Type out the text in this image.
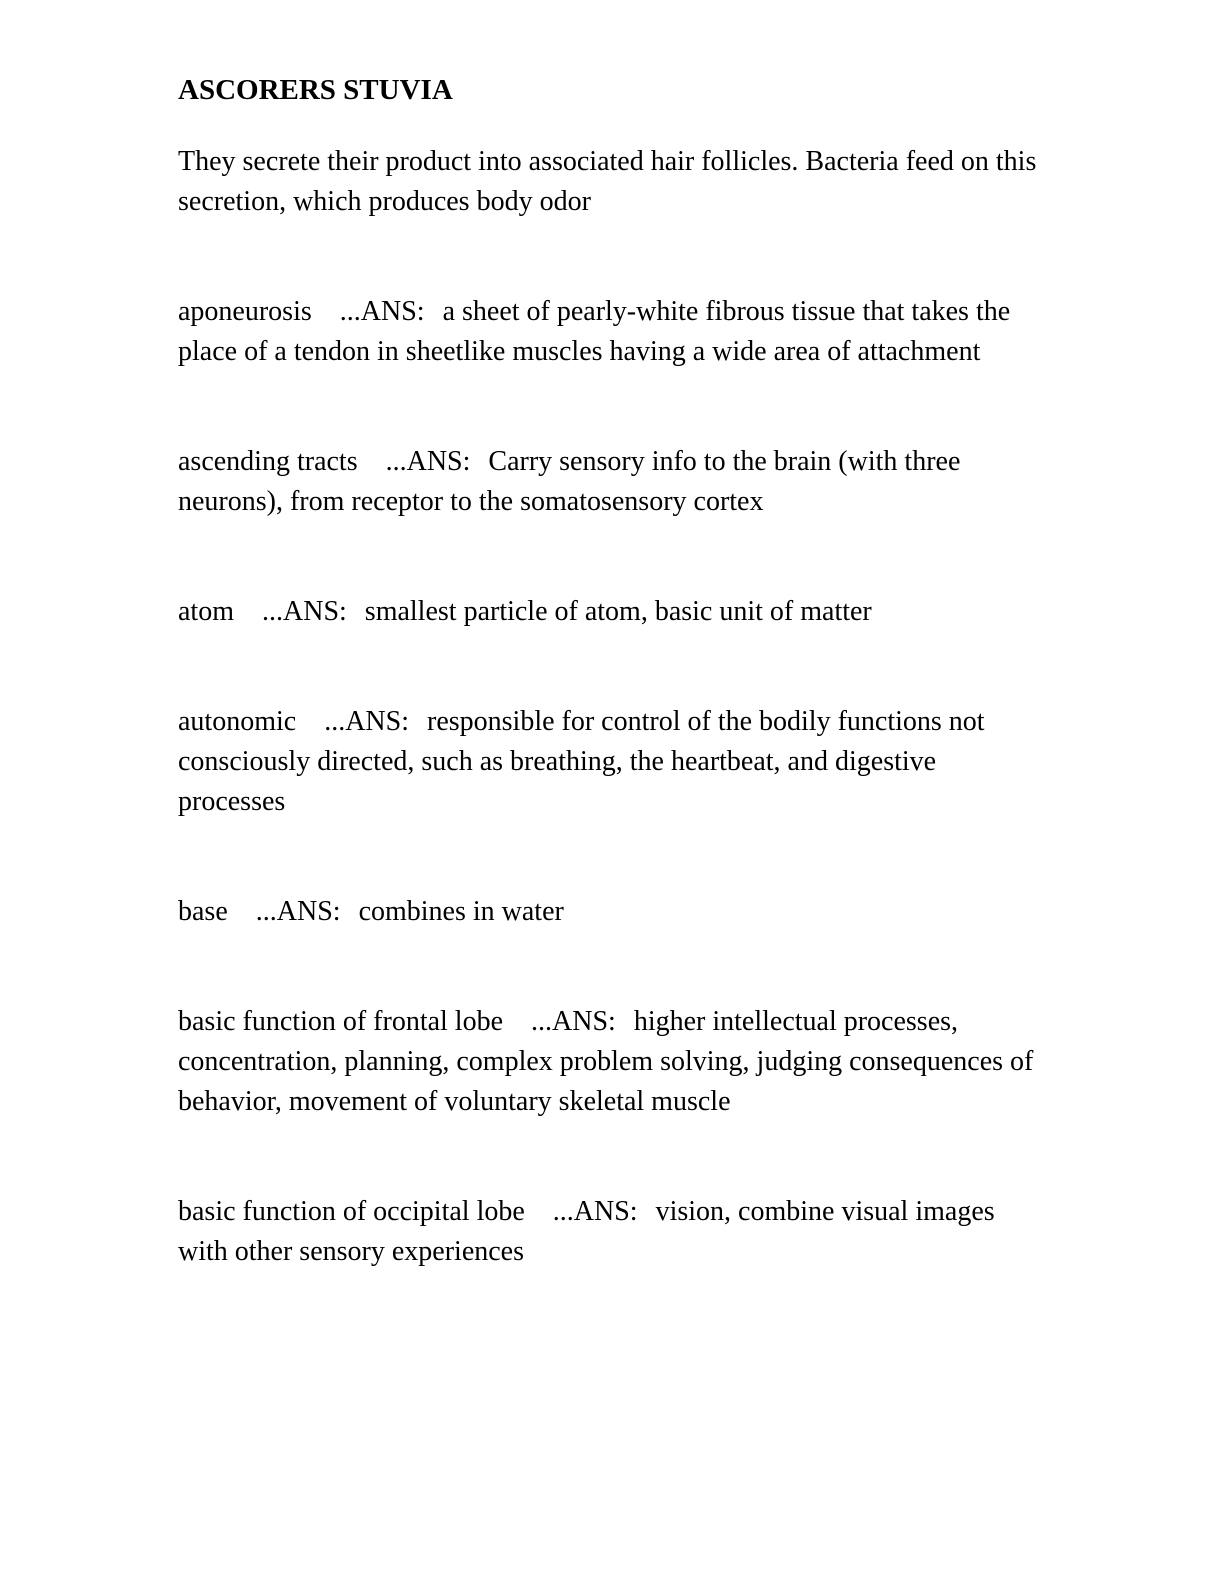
ASCORERS STUVIA

They secrete their product into associated hair follicles. Bacteria feed on this secretion, which produces body odor

aponeurosis ...ANS: a sheet of pearly-white fibrous tissue that takes the place of a tendon in sheetlike muscles having a wide area of attachment

ascending tracts ...ANS: Carry sensory info to the brain (with three neurons), from receptor to the somatosensory cortex

atom ...ANS: smallest particle of atom, basic unit of matter

autonomic ...ANS: responsible for control of the bodily functions not consciously directed, such as breathing, the heartbeat, and digestive processes

base ...ANS: combines in water

basic function of frontal lobe ...ANS: higher intellectual processes, concentration, planning, complex problem solving, judging consequences of behavior, movement of voluntary skeletal muscle

basic function of occipital lobe ...ANS: vision, combine visual images with other sensory experiences
